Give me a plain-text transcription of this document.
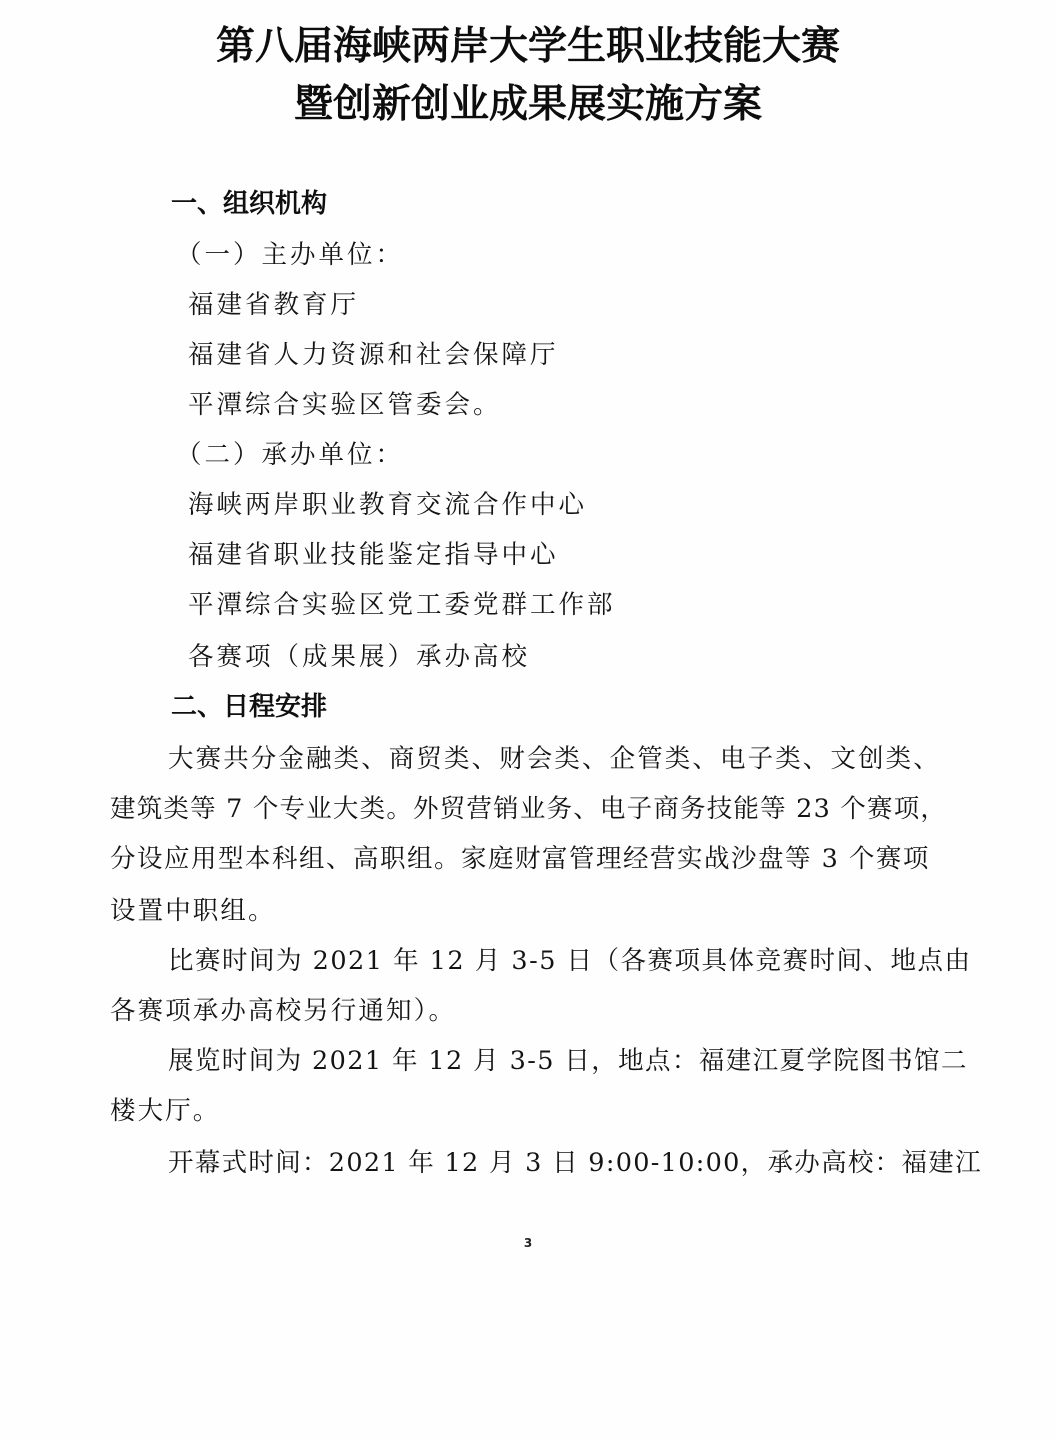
第八届海峡两岸大学生职业技能大赛
暨创新创业成果展实施方案
一、组织机构
（一）主办单位：
福建省教育厅
福建省人力资源和社会保障厅
平潭综合实验区管委会。
（二）承办单位：
海峡两岸职业教育交流合作中心
福建省职业技能鉴定指导中心
平潭综合实验区党工委党群工作部
各赛项（成果展）承办高校
二、日程安排
大赛共分金融类、商贸类、财会类、企管类、电子类、文创类、
建筑类等 7 个专业大类。外贸营销业务、电子商务技能等 23 个赛项，
分设应用型本科组、高职组。家庭财富管理经营实战沙盘等 3 个赛项
设置中职组。
比赛时间为 2021 年 12 月 3-5 日（各赛项具体竞赛时间、地点由
各赛项承办高校另行通知）。
展览时间为 2021 年 12 月 3-5 日，地点：福建江夏学院图书馆二
楼大厅。
开幕式时间：2021 年 12 月 3 日 9:00-10:00，承办高校：福建江
3
